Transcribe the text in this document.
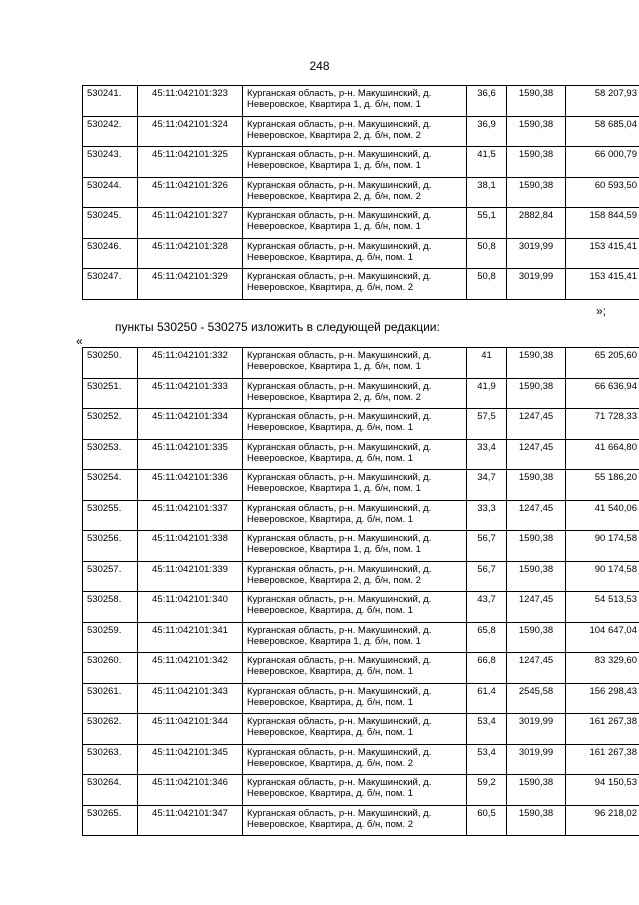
248
530241.	45:11:042101:323	Курганская область, р-н. Макушинский, д. Неверовское, Квартира 1, д. б/н, пом. 1	36,6	1590,38	58 207,93
530242.	45:11:042101:324	Курганская область, р-н. Макушинский, д. Неверовское, Квартира 2, д. б/н, пом. 2	36,9	1590,38	58 685,04
530243.	45:11:042101:325	Курганская область, р-н. Макушинский, д. Неверовское, Квартира 1, д. б/н, пом. 1	41,5	1590,38	66 000,79
530244.	45:11:042101:326	Курганская область, р-н. Макушинский, д. Неверовское, Квартира 2, д. б/н, пом. 2	38,1	1590,38	60 593,50
530245.	45:11:042101:327	Курганская область, р-н. Макушинский, д. Неверовское, Квартира 1, д. б/н, пом. 1	55,1	2882,84	158 844,59
530246.	45:11:042101:328	Курганская область, р-н. Макушинский, д. Неверовское, Квартира, д. б/н, пом. 1	50,8	3019,99	153 415,41
530247.	45:11:042101:329	Курганская область, р-н. Макушинский, д. Неверовское, Квартира, д. б/н, пом. 2	50,8	3019,99	153 415,41
»;
пункты 530250 - 530275 изложить в следующей редакции:
«
530250.	45:11:042101:332	Курганская область, р-н. Макушинский, д. Неверовское, Квартира 1, д. б/н, пом. 1	41	1590,38	65 205,60
530251.	45:11:042101:333	Курганская область, р-н. Макушинский, д. Неверовское, Квартира 2, д. б/н, пом. 2	41,9	1590,38	66 636,94
530252.	45:11:042101:334	Курганская область, р-н. Макушинский, д. Неверовское, Квартира, д. б/н, пом. 1	57,5	1247,45	71 728,33
530253.	45:11:042101:335	Курганская область, р-н. Макушинский, д. Неверовское, Квартира, д. б/н, пом. 1	33,4	1247,45	41 664,80
530254.	45:11:042101:336	Курганская область, р-н. Макушинский, д. Неверовское, Квартира 1, д. б/н, пом. 1	34,7	1590,38	55 186,20
530255.	45:11:042101:337	Курганская область, р-н. Макушинский, д. Неверовское, Квартира, д. б/н, пом. 1	33,3	1247,45	41 540,06
530256.	45:11:042101:338	Курганская область, р-н. Макушинский, д. Неверовское, Квартира 1, д. б/н, пом. 1	56,7	1590,38	90 174,58
530257.	45:11:042101:339	Курганская область, р-н. Макушинский, д. Неверовское, Квартира 2, д. б/н, пом. 2	56,7	1590,38	90 174,58
530258.	45:11:042101:340	Курганская область, р-н. Макушинский, д. Неверовское, Квартира, д. б/н, пом. 1	43,7	1247,45	54 513,53
530259.	45:11:042101:341	Курганская область, р-н. Макушинский, д. Неверовское, Квартира 1, д. б/н, пом. 1	65,8	1590,38	104 647,04
530260.	45:11:042101:342	Курганская область, р-н. Макушинский, д. Неверовское, Квартира, д. б/н, пом. 1	66,8	1247,45	83 329,60
530261.	45:11:042101:343	Курганская область, р-н. Макушинский, д. Неверовское, Квартира, д. б/н, пом. 1	61,4	2545,58	156 298,43
530262.	45:11:042101:344	Курганская область, р-н. Макушинский, д. Неверовское, Квартира, д. б/н, пом. 1	53,4	3019,99	161 267,38
530263.	45:11:042101:345	Курганская область, р-н. Макушинский, д. Неверовское, Квартира, д. б/н, пом. 2	53,4	3019,99	161 267,38
530264.	45:11:042101:346	Курганская область, р-н. Макушинский, д. Неверовское, Квартира, д. б/н, пом. 1	59,2	1590,38	94 150,53
530265.	45:11:042101:347	Курганская область, р-н. Макушинский, д. Неверовское, Квартира, д. б/н, пом. 2	60,5	1590,38	96 218,02
